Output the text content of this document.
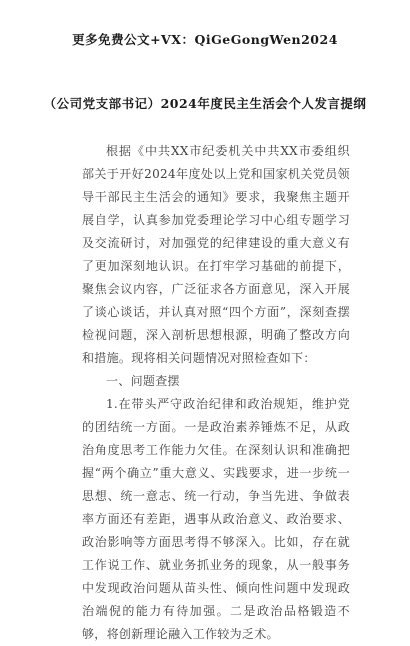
更多免费公文+VX：QiGeGongWen2024
（公司党支部书记）2024年度民主生活会个人发言提纲

根据《中共XX市纪委机关中共XX市委组织部关于开好2024年度处以上党和国家机关党员领导干部民主生活会的通知》要求，我聚焦主题开展自学，认真参加党委理论学习中心组专题学习及交流研讨，对加强党的纪律建设的重大意义有了更加深刻地认识。在打牢学习基础的前提下，聚焦会议内容，广泛征求各方面意见，深入开展了谈心谈话，并认真对照“四个方面”，深刻查摆检视问题，深入剖析思想根源，明确了整改方向和措施。现将相关问题情况对照检查如下：

一、问题查摆

1.在带头严守政治纪律和政治规矩，维护党的团结统一方面。一是政治素养锤炼不足，从政治角度思考工作能力欠佳。在深刻认识和准确把握“两个确立”重大意义、实践要求，进一步统一思想、统一意志、统一行动，争当先进、争做表率方面还有差距，遇事从政治意义、政治要求、政治影响等方面思考得不够深入。比如，存在就工作说工作、就业务抓业务的现象，从一般事务中发现政治问题从苗头性、倾向性问题中发现政治端倪的能力有待加强。二是政治品格锻造不够，将创新理论融入工作较为乏术。
